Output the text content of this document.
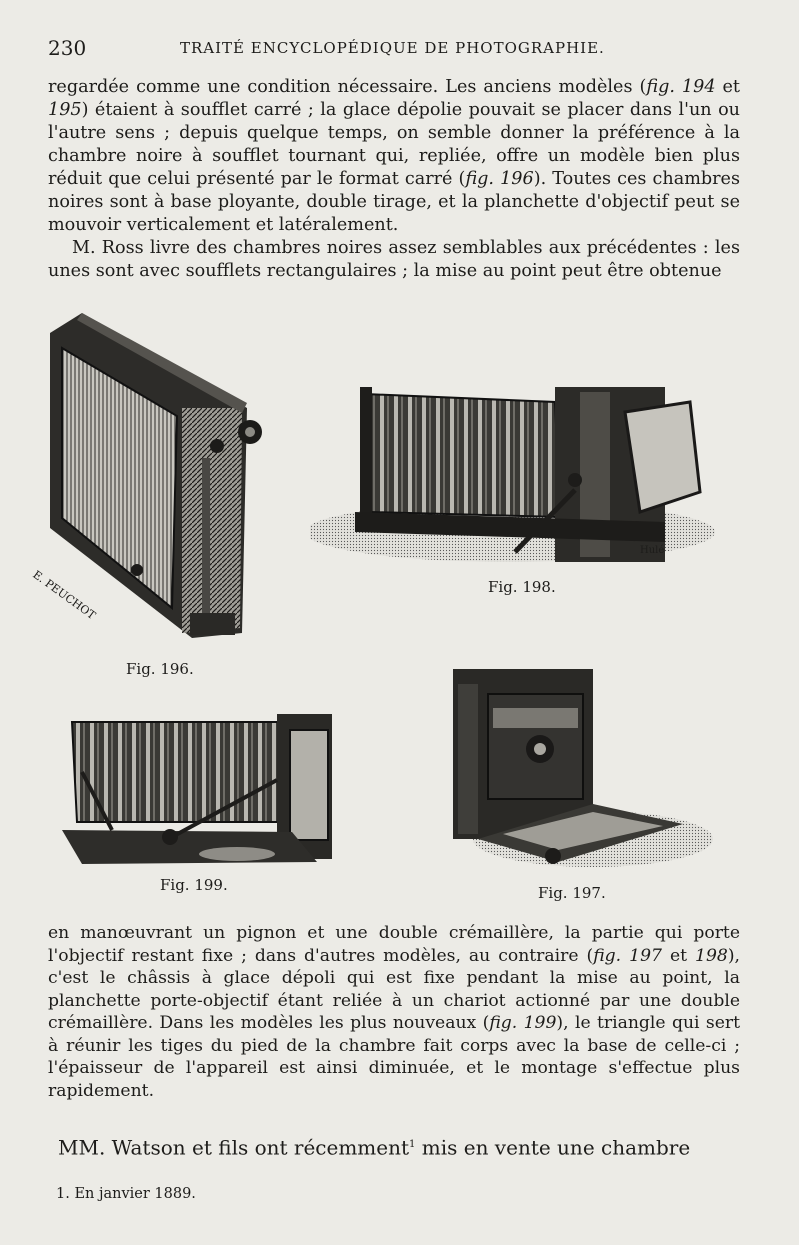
230	TRAITÉ ENCYCLOPÉDIQUE DE PHOTOGRAPHIE.

regardée comme une condition nécessaire. Les anciens modèles (fig. 194 et 195) étaient à soufflet carré ; la glace dépolie pouvait se placer dans l'un ou l'autre sens ; depuis quelque temps, on semble donner la préférence à la chambre noire à soufflet tournant qui, repliée, offre un modèle bien plus réduit que celui présenté par le format carré (fig. 196). Toutes ces chambres noires sont à base ployante, double tirage, et la planchette d'objectif peut se mouvoir verticalement et latéralement.

M. Ross livre des chambres noires assez semblables aux précédentes : les unes sont avec soufflets rectangulaires ; la mise au point peut être obtenue

E. PEUCHOT
Fig. 196.
Hulé
Fig. 198.
Fig. 199.	Fig. 197.

en manœuvrant un pignon et une double crémaillère, la partie qui porte l'objectif restant fixe ; dans d'autres modèles, au contraire (fig. 197 et 198), c'est le châssis à glace dépoli qui est fixe pendant la mise au point, la planchette porte-objectif étant reliée à un chariot actionné par une double crémaillère. Dans les modèles les plus nouveaux (fig. 199), le triangle qui sert à réunir les tiges du pied de la chambre fait corps avec la base de celle-ci ; l'épaisseur de l'appareil est ainsi diminuée, et le montage s'effectue plus rapidement.

MM. Watson et fils ont récemment$^1$ mis en vente une chambre
1. En janvier 1889.
